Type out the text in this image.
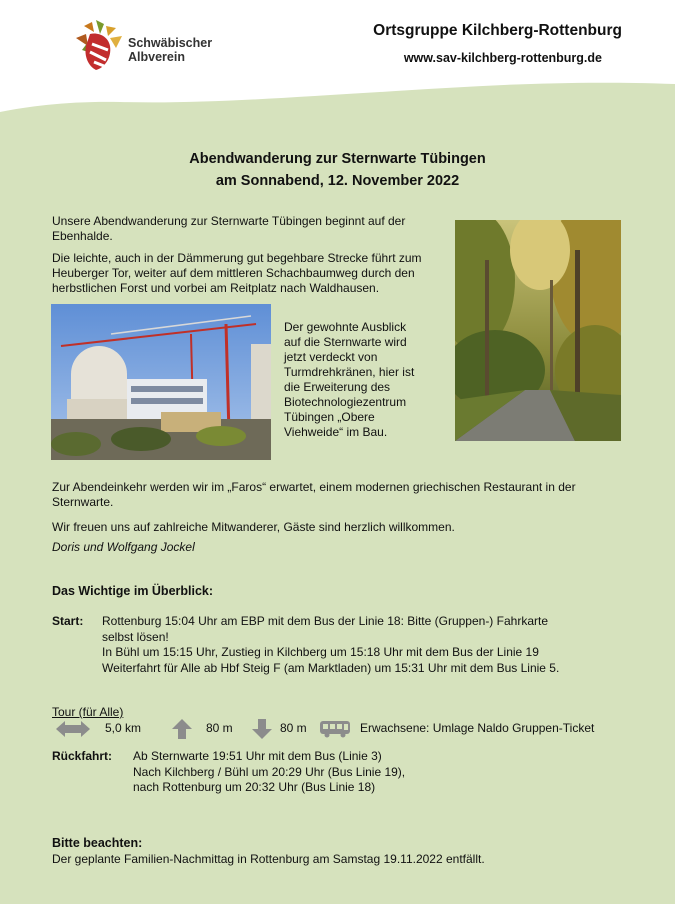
Schwäbischer
Albverein
Ortsgruppe Kilchberg-Rottenburg
www.sav-kilchberg-rottenburg.de
Abendwanderung zur Sternwarte Tübingen
am Sonnabend, 12. November 2022
Unsere Abendwanderung zur Sternwarte Tübingen beginnt auf der Ebenhalde.
Die leichte, auch in der Dämmerung gut begehbare Strecke führt zum Heuberger Tor, weiter auf dem mittleren Schachbaumweg durch den herbstlichen Forst und vorbei am Reitplatz nach Waldhausen.
Der gewohnte Ausblick auf die Sternwarte wird jetzt verdeckt von Turmdrehkränen, hier ist die Erweiterung des Biotechnologiezentrum Tübingen „Obere Viehweide“ im Bau.
Zur Abendeinkehr werden wir im „Faros“ erwartet, einem modernen griechischen Restaurant in der Sternwarte.
Wir freuen uns auf zahlreiche Mitwanderer, Gäste sind herzlich willkommen.
Doris und Wolfgang Jockel
Das Wichtige im Überblick:
Start: Rottenburg 15:04 Uhr am EBP mit dem Bus der Linie 18: Bitte (Gruppen-) Fahrkarte
selbst lösen!
In Bühl um 15:15 Uhr, Zustieg in Kilchberg um 15:18 Uhr mit dem Bus der Linie 19
Weiterfahrt für Alle ab Hbf Steig F (am Marktladen) um 15:31 Uhr mit dem Bus Linie 5.
Tour (für Alle)
5,0 km	80 m	80 m	Erwachsene: Umlage Naldo Gruppen-Ticket
Rückfahrt: Ab Sternwarte 19:51 Uhr mit dem Bus (Linie 3)
Nach Kilchberg / Bühl um 20:29 Uhr (Bus Linie 19),
nach Rottenburg um 20:32 Uhr (Bus Linie 18)
Bitte beachten:
Der geplante Familien-Nachmittag in Rottenburg am Samstag 19.11.2022 entfällt.
